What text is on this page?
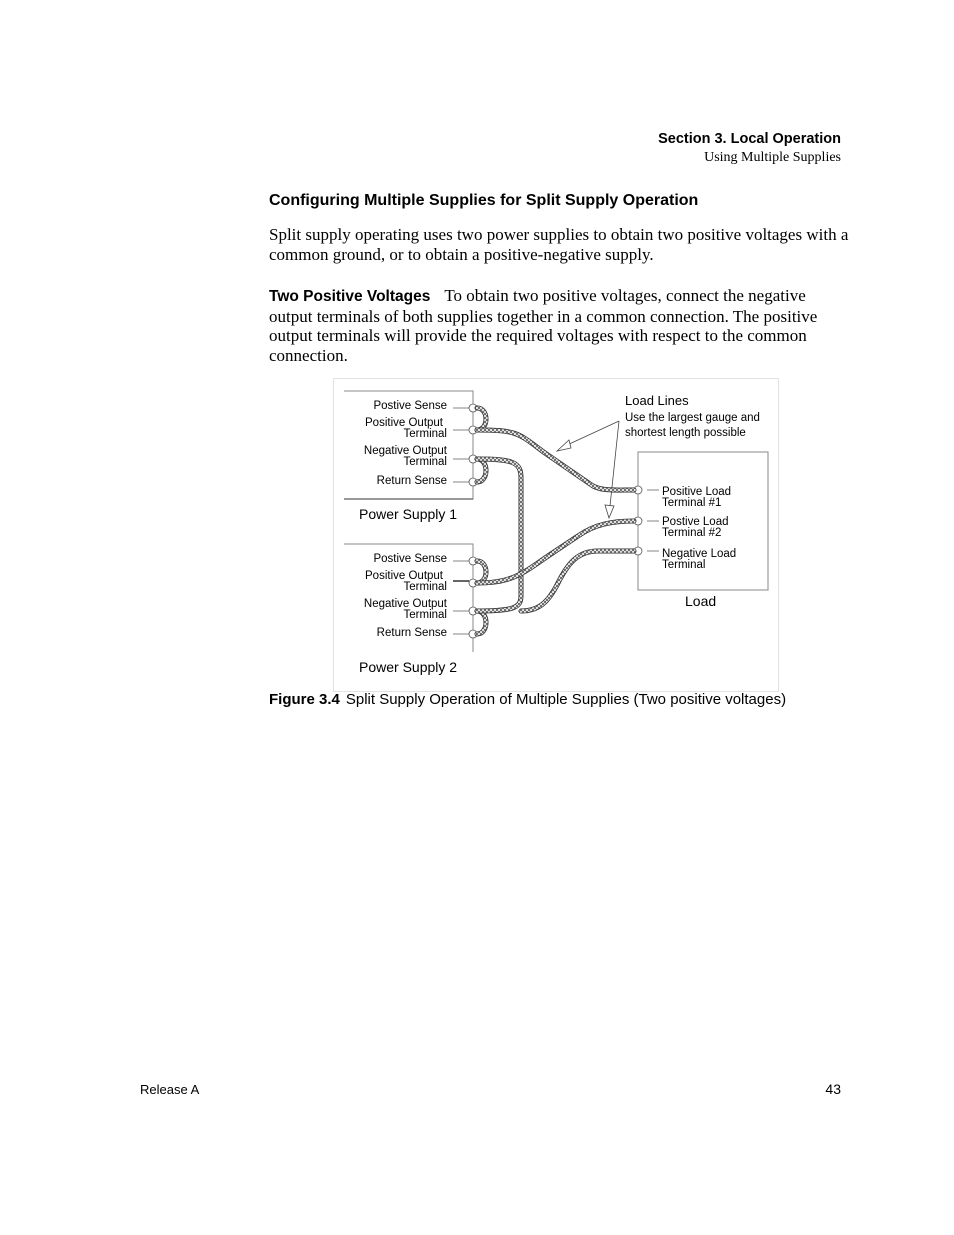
Section 3. Local Operation
Using Multiple Supplies
Configuring Multiple Supplies for Split Supply Operation
Split supply operating uses two power supplies to obtain two positive voltages with a common ground, or to obtain a positive-negative supply.
Two Positive Voltages To obtain two positive voltages, connect the negative output terminals of both supplies together in a common connection. The positive output terminals will provide the required voltages with respect to the common connection.
Postive Sense
Positive Output
Terminal
Negative Output
Terminal
Return Sense
Power Supply 1
Postive Sense
Positive Output
Terminal
Negative Output
Terminal
Return Sense
Power Supply 2
Positive Load
Terminal #1
Postive Load
Terminal #2
Negative Load
Terminal
Load
Load Lines
Use the largest gauge and
shortest length possible
Figure 3.4 Split Supply Operation of Multiple Supplies (Two positive voltages)
Release A	43
